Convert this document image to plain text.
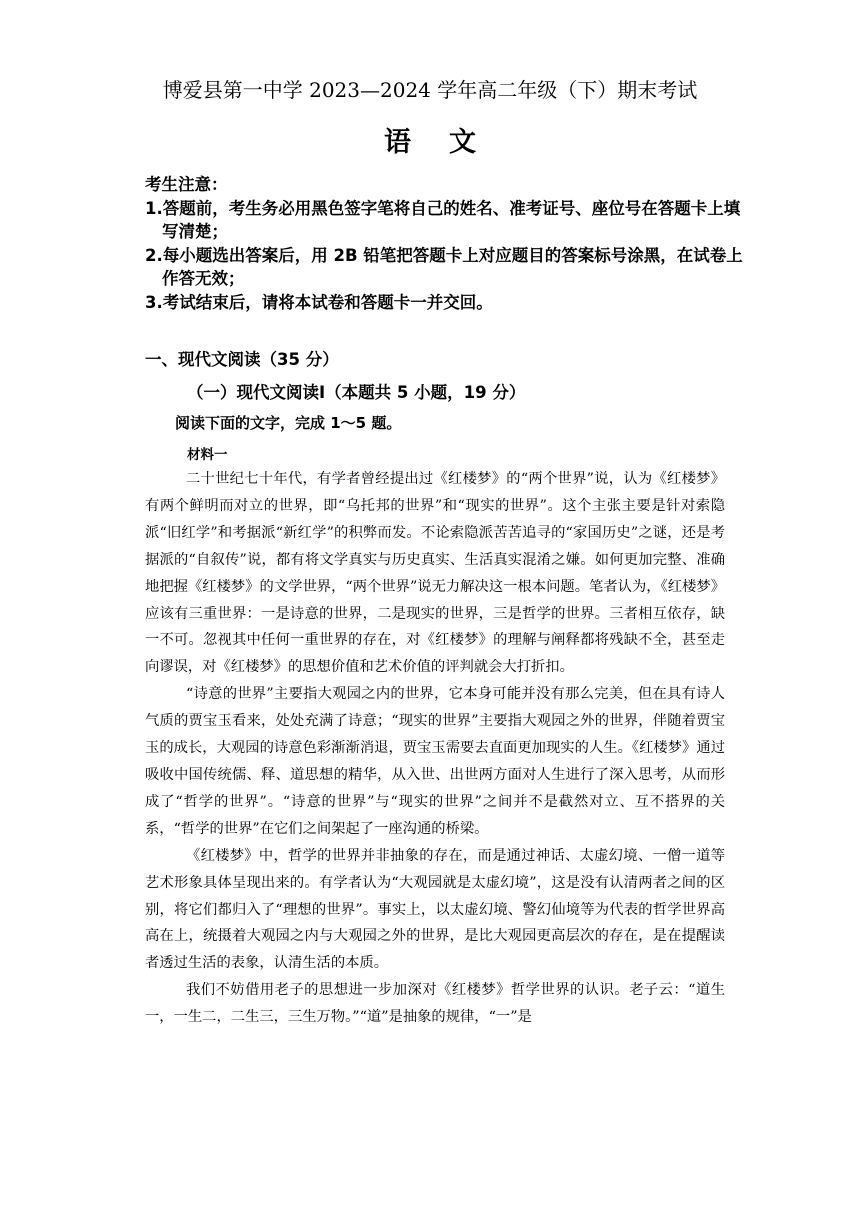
博爱县第一中学 2023—2024 学年高二年级（下）期末考试
语文
考生注意：
1.答题前，考生务必用黑色签字笔将自己的姓名、准考证号、座位号在答题卡上填写清楚；
2.每小题选出答案后，用 2B 铅笔把答题卡上对应题目的答案标号涂黑，在试卷上作答无效；
3.考试结束后，请将本试卷和答题卡一并交回。
一、现代文阅读（35 分）
（一）现代文阅读Ⅰ（本题共 5 小题，19 分）
阅读下面的文字，完成 1～5 题。
材料一

二十世纪七十年代，有学者曾经提出过《红楼梦》的“两个世界”说，认为《红楼梦》有两个鲜明而对立的世界，即“乌托邦的世界”和“现实的世界”。这个主张主要是针对索隐派“旧红学”和考据派“新红学”的积弊而发。不论索隐派苦苦追寻的“家国历史”之谜，还是考据派的“自叙传”说，都有将文学真实与历史真实、生活真实混淆之嫌。如何更加完整、准确地把握《红楼梦》的文学世界，“两个世界”说无力解决这一根本问题。笔者认为，《红楼梦》应该有三重世界：一是诗意的世界，二是现实的世界，三是哲学的世界。三者相互依存，缺一不可。忽视其中任何一重世界的存在，对《红楼梦》的理解与阐释都将残缺不全，甚至走向谬误，对《红楼梦》的思想价值和艺术价值的评判就会大打折扣。

“诗意的世界”主要指大观园之内的世界，它本身可能并没有那么完美，但在具有诗人气质的贾宝玉看来，处处充满了诗意；“现实的世界”主要指大观园之外的世界，伴随着贾宝玉的成长，大观园的诗意色彩渐渐消退，贾宝玉需要去直面更加现实的人生。《红楼梦》通过吸收中国传统儒、释、道思想的精华，从入世、出世两方面对人生进行了深入思考，从而形成了“哲学的世界”。“诗意的世界”与“现实的世界”之间并不是截然对立、互不搭界的关系，“哲学的世界”在它们之间架起了一座沟通的桥梁。

《红楼梦》中，哲学的世界并非抽象的存在，而是通过神话、太虚幻境、一僧一道等艺术形象具体呈现出来的。有学者认为“大观园就是太虚幻境”，这是没有认清两者之间的区别，将它们都归入了“理想的世界”。事实上，以太虚幻境、警幻仙境等为代表的哲学世界高高在上，统摄着大观园之内与大观园之外的世界，是比大观园更高层次的存在，是在提醒读者透过生活的表象，认清生活的本质。

我们不妨借用老子的思想进一步加深对《红楼梦》哲学世界的认识。老子云：“道生一，一生二，二生三，三生万物。”“道”是抽象的规律，“一”是
